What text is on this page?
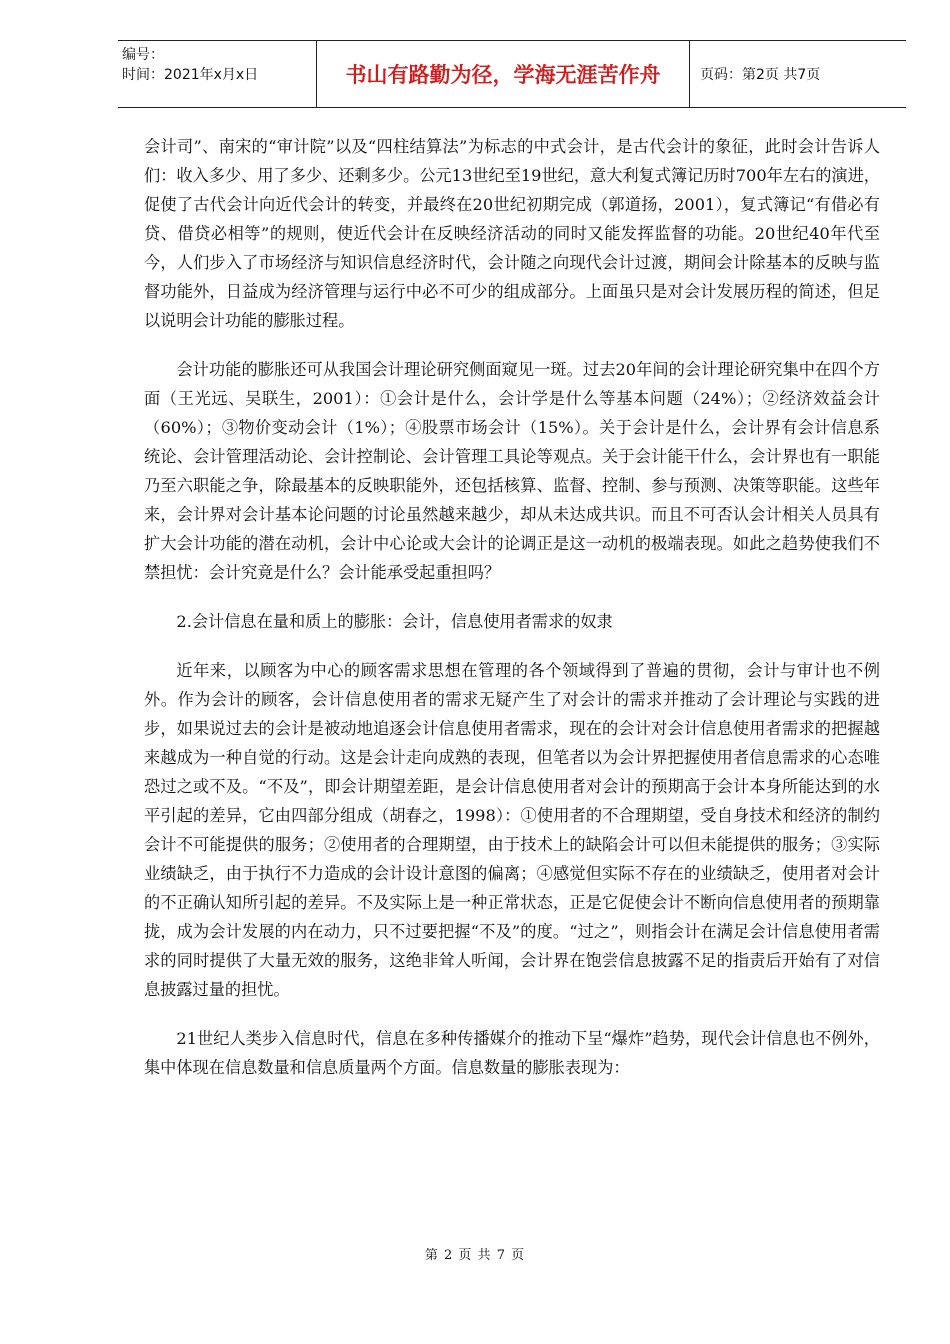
编号：
时间：2021年x月x日	书山有路勤为径，学海无涯苦作舟	页码：第2页 共7页

会计司”、南宋的“审计院”以及“四柱结算法”为标志的中式会计，是古代会计的象征，此时会计告诉人们：收入多少、用了多少、还剩多少。公元13世纪至19世纪，意大利复式簿记历时700年左右的演进，促使了古代会计向近代会计的转变，并最终在20世纪初期完成（郭道扬，2001），复式簿记“有借必有贷、借贷必相等”的规则，使近代会计在反映经济活动的同时又能发挥监督的功能。20世纪40年代至今，人们步入了市场经济与知识信息经济时代，会计随之向现代会计过渡，期间会计除基本的反映与监督功能外，日益成为经济管理与运行中必不可少的组成部分。上面虽只是对会计发展历程的简述，但足以说明会计功能的膨胀过程。

会计功能的膨胀还可从我国会计理论研究侧面窥见一斑。过去20年间的会计理论研究集中在四个方面（王光远、吴联生，2001）：①会计是什么，会计学是什么等基本问题（24%）；②经济效益会计（60%）；③物价变动会计（1%）；④股票市场会计（15%）。关于会计是什么，会计界有会计信息系统论、会计管理活动论、会计控制论、会计管理工具论等观点。关于会计能干什么，会计界也有一职能乃至六职能之争，除最基本的反映职能外，还包括核算、监督、控制、参与预测、决策等职能。这些年来，会计界对会计基本论问题的讨论虽然越来越少，却从未达成共识。而且不可否认会计相关人员具有扩大会计功能的潜在动机，会计中心论或大会计的论调正是这一动机的极端表现。如此之趋势使我们不禁担忧：会计究竟是什么？会计能承受起重担吗？

2.会计信息在量和质上的膨胀：会计，信息使用者需求的奴隶

近年来，以顾客为中心的顾客需求思想在管理的各个领域得到了普遍的贯彻，会计与审计也不例外。作为会计的顾客，会计信息使用者的需求无疑产生了对会计的需求并推动了会计理论与实践的进步，如果说过去的会计是被动地追逐会计信息使用者需求，现在的会计对会计信息使用者需求的把握越来越成为一种自觉的行动。这是会计走向成熟的表现，但笔者以为会计界把握使用者信息需求的心态唯恐过之或不及。“不及”，即会计期望差距，是会计信息使用者对会计的预期高于会计本身所能达到的水平引起的差异，它由四部分组成（胡春之，1998）：①使用者的不合理期望，受自身技术和经济的制约会计不可能提供的服务；②使用者的合理期望，由于技术上的缺陷会计可以但未能提供的服务；③实际业绩缺乏，由于执行不力造成的会计设计意图的偏离；④感觉但实际不存在的业绩缺乏，使用者对会计的不正确认知所引起的差异。不及实际上是一种正常状态，正是它促使会计不断向信息使用者的预期靠拢，成为会计发展的内在动力，只不过要把握“不及”的度。“过之”，则指会计在满足会计信息使用者需求的同时提供了大量无效的服务，这绝非耸人听闻，会计界在饱尝信息披露不足的指责后开始有了对信息披露过量的担忧。

21世纪人类步入信息时代，信息在多种传播媒介的推动下呈“爆炸”趋势，现代会计信息也不例外，集中体现在信息数量和信息质量两个方面。信息数量的膨胀表现为：

第 2 页 共 7 页
